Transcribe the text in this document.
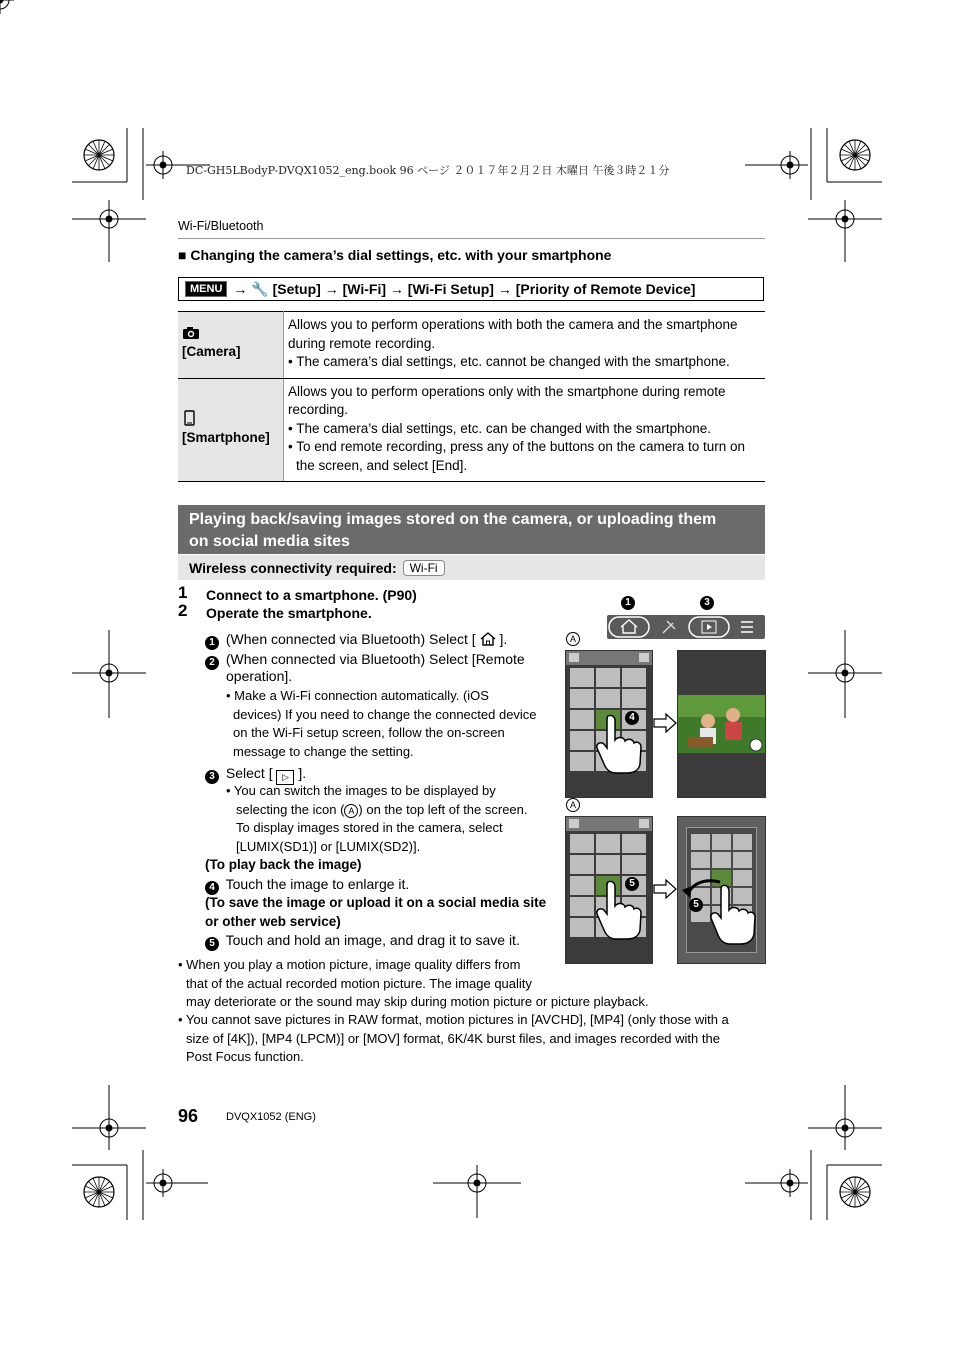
DC-GH5LBodyP-DVQX1052_eng.book 96 ページ ２０１７年２月２日 木曜日 午後３時２１分
Wi-Fi/Bluetooth
■ Changing the camera’s dial settings, etc. with your smartphone
MENU → 🔧 [Setup] → [Wi-Fi] → [Wi-Fi Setup] → [Priority of Remote Device]
[Camera]	Allows you to perform operations with both the camera and the smartphone during remote recording.
• The camera’s dial settings, etc. cannot be changed with the smartphone.

[Smartphone]	Allows you to perform operations only with the smartphone during remote recording.
• The camera’s dial settings, etc. can be changed with the smartphone.
• To end remote recording, press any of the buttons on the camera to turn on the screen, and select [End].
Playing back/saving images stored on the camera, or uploading them
on social media sites
Wireless connectivity required:	Wi-Fi
1 Connect to a smartphone. (P90)
2 Operate the smartphone.
1 (When connected via Bluetooth) Select [ ].
2 (When connected via Bluetooth) Select [Remote
operation].
• Make a Wi-Fi connection automatically. (iOS
devices) If you need to change the connected device
on the Wi-Fi setup screen, follow the on-screen
message to change the setting.
3 Select [ ▷ ].
• You can switch the images to be displayed by
selecting the icon ( A ) on the top left of the screen.
To display images stored in the camera, select
[LUMIX(SD1)] or [LUMIX(SD2)].
(To play back the image)
4 Touch the image to enlarge it.
(To save the image or upload it on a social media site
or other web service)
5 Touch and hold an image, and drag it to save it.
1	3
A
4
A
5
5
• When you play a motion picture, image quality differs from
that of the actual recorded motion picture. The image quality
may deteriorate or the sound may skip during motion picture or picture playback.
• You cannot save pictures in RAW format, motion pictures in [AVCHD], [MP4] (only those with a
size of [4K]), [MP4 (LPCM)] or [MOV] format, 6K/4K burst files, and images recorded with the
Post Focus function.
96	DVQX1052 (ENG)
